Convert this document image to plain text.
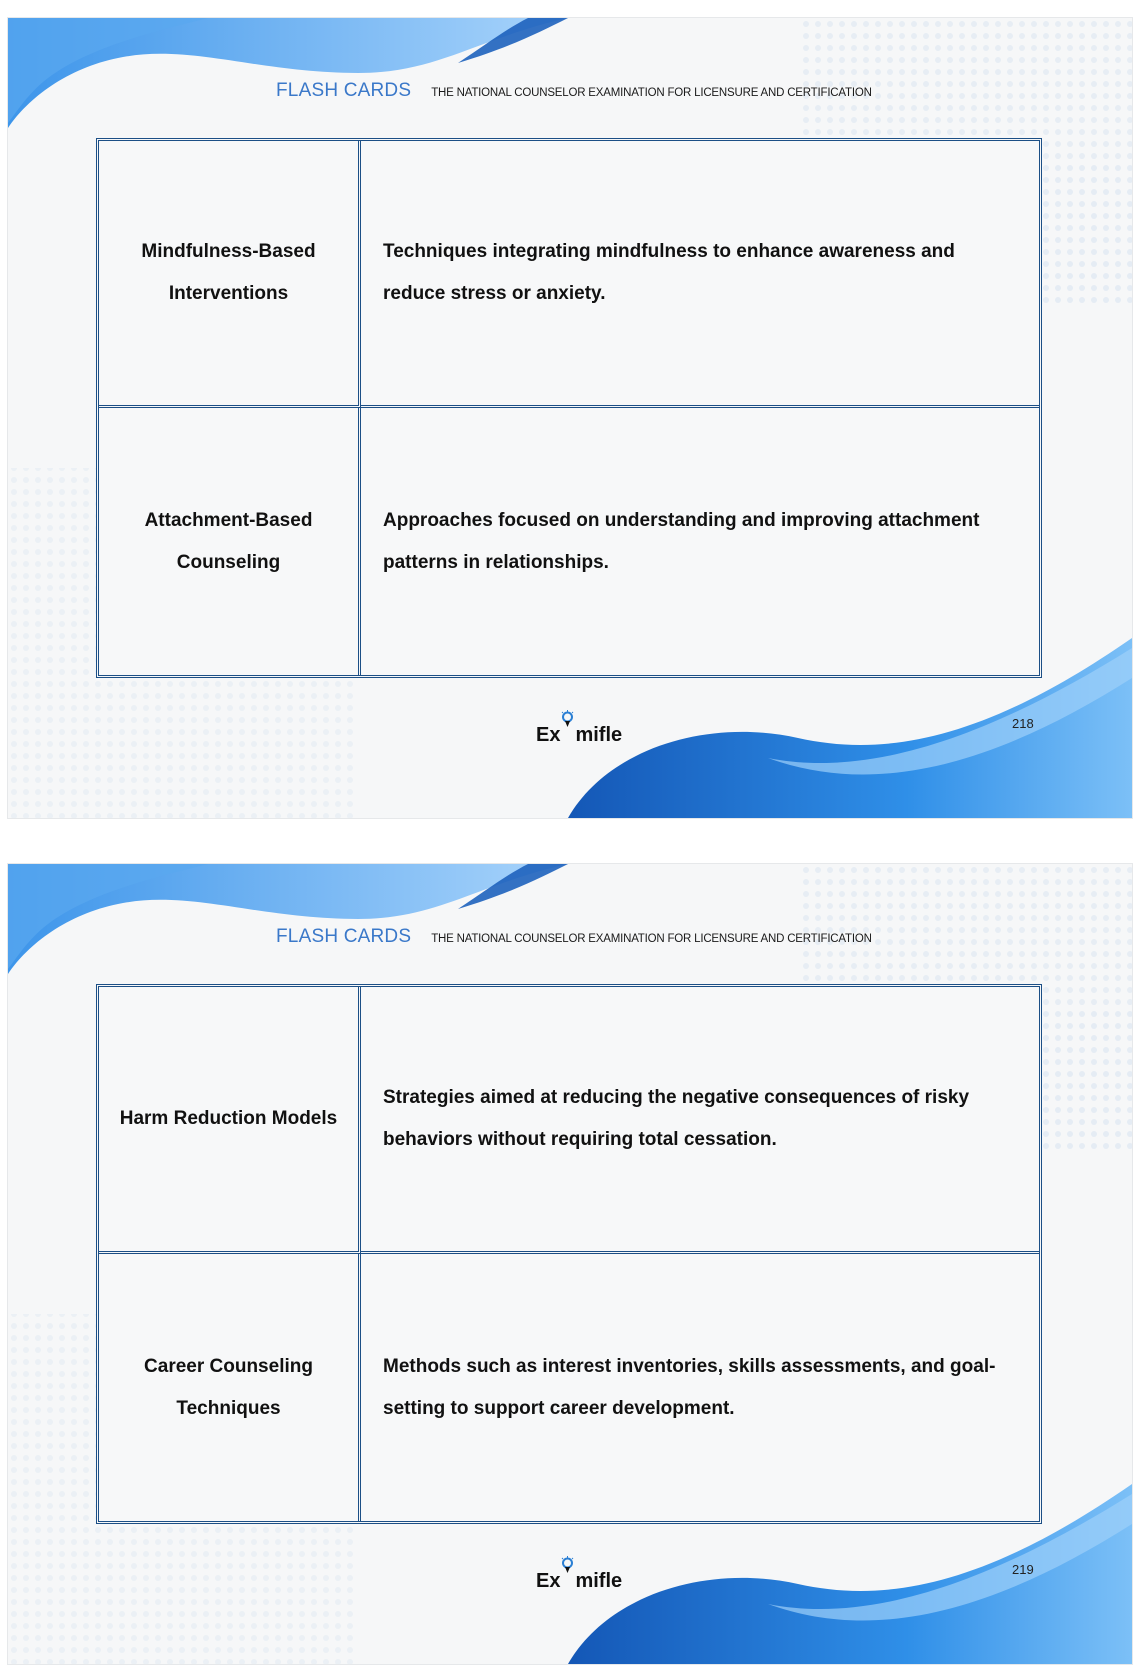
FLASH CARDS THE NATIONAL COUNSELOR EXAMINATION FOR LICENSURE AND CERTIFICATION
Mindfulness-Based Interventions
Techniques integrating mindfulness to enhance awareness and reduce stress or anxiety.
Attachment-Based Counseling
Approaches focused on understanding and improving attachment patterns in relationships.
Ex mifle
218
FLASH CARDS THE NATIONAL COUNSELOR EXAMINATION FOR LICENSURE AND CERTIFICATION
Harm Reduction Models
Strategies aimed at reducing the negative consequences of risky behaviors without requiring total cessation.
Career Counseling Techniques
Methods such as interest inventories, skills assessments, and goal-setting to support career development.
Ex mifle
219
